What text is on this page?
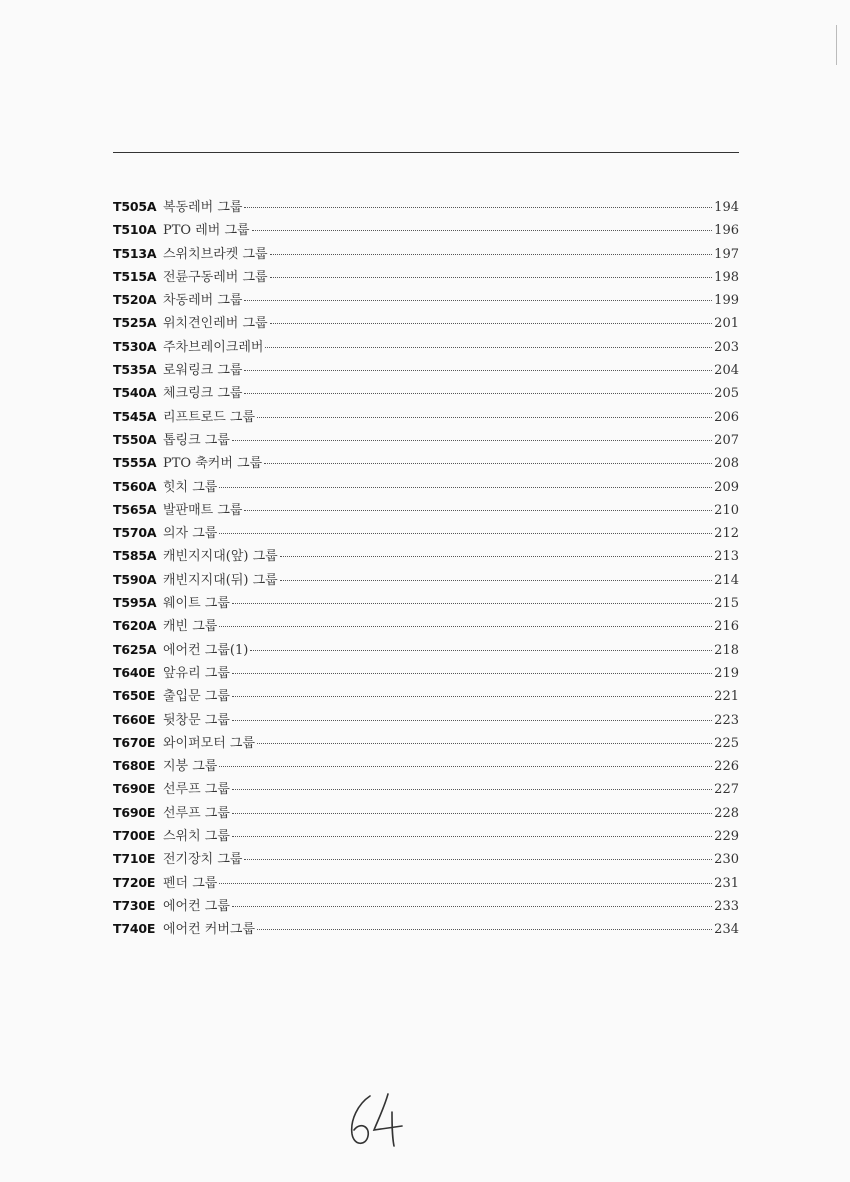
T505A 복동레버 그룹	194
T510A PTO 레버 그룹	196
T513A 스위치브라켓 그룹	197
T515A 전륜구동레버 그룹	198
T520A 차동레버 그룹	199
T525A 위치견인레버 그룹	201
T530A 주차브레이크레버	203
T535A 로워링크 그룹	204
T540A 체크링크 그룹	205
T545A 리프트로드 그룹	206
T550A 톱링크 그룹	207
T555A PTO 축커버 그룹	208
T560A 힛치 그룹	209
T565A 발판매트 그룹	210
T570A 의자 그룹	212
T585A 캐빈지지대(앞) 그룹	213
T590A 캐빈지지대(뒤) 그룹	214
T595A 웨이트 그룹	215
T620A 캐빈 그룹	216
T625A 에어컨 그룹(1)	218
T640E 앞유리 그룹	219
T650E 출입문 그룹	221
T660E 뒷창문 그룹	223
T670E 와이퍼모터 그룹	225
T680E 지붕 그룹	226
T690E 선루프 그룹	227
T690E 선루프 그룹	228
T700E 스위치 그룹	229
T710E 전기장치 그룹	230
T720E 펜더 그룹	231
T730E 에어컨 그룹	233
T740E 에어컨 커버그룹	234
64
